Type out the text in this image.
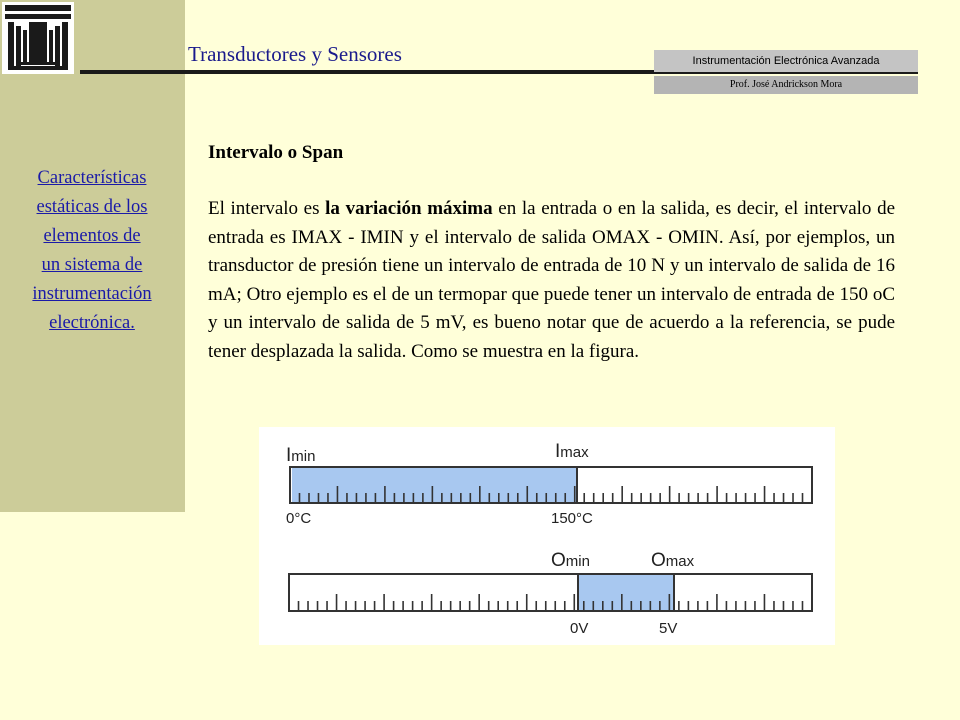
Características
estáticas de los
elementos de
un sistema de
instrumentación
electrónica.
Transductores y Sensores	Instrumentación Electrónica Avanzada
Prof. José Andrickson Mora
Intervalo o Span
El intervalo es la variación máxima en la entrada o en la salida, es decir, el intervalo de entrada es IMAX - IMIN y el intervalo de salida OMAX - OMIN. Así, por ejemplos, un transductor de presión tiene un intervalo de entrada de 10 N y un intervalo de salida de 16 mA; Otro ejemplo es el de un termopar que puede tener un intervalo de entrada de 150 oC y un intervalo de salida de 5 mV, es bueno notar que de acuerdo a la referencia, se pude tener desplazada la salida. Como se muestra en la figura.
Imin	Imax
0°C	150°C
Omin	Omax
0V	5V
